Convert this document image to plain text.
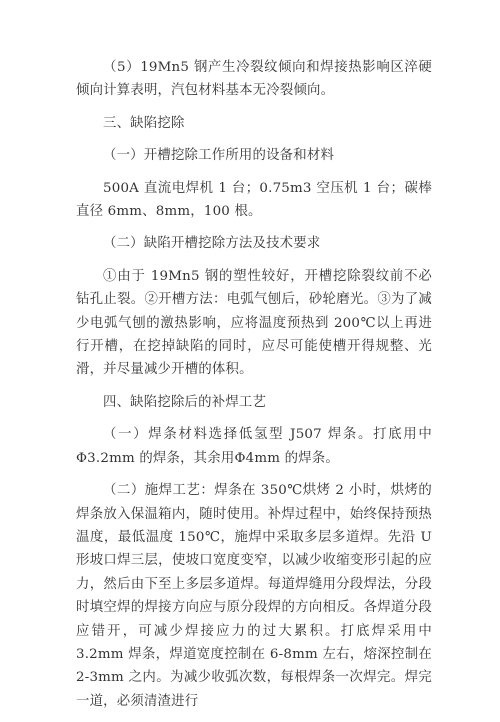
（5）19Mn5 钢产生冷裂纹倾向和焊接热影响区淬硬倾向计算表明，汽包材料基本无冷裂倾向。

三、缺陷挖除

（一）开槽挖除工作所用的设备和材料

500A 直流电焊机 1 台；0.75m3 空压机 1 台；碳棒直径 6mm、8mm，100 根。

（二）缺陷开槽挖除方法及技术要求

①由于 19Mn5 钢的塑性较好，开槽挖除裂纹前不必钻孔止裂。②开槽方法：电弧气刨后，砂轮磨光。③为了减少电弧气刨的激热影响，应将温度预热到 200℃以上再进行开槽，在挖掉缺陷的同时，应尽可能使槽开得规整、光滑，并尽量减少开槽的体积。

四、缺陷挖除后的补焊工艺

（一）焊条材料选择低氢型 J507 焊条。打底用中Φ3.2mm 的焊条，其余用Φ4mm 的焊条。

（二）施焊工艺：焊条在 350℃烘烤 2 小时，烘烤的焊条放入保温箱内，随时使用。补焊过程中，始终保持预热温度，最低温度 150℃，施焊中采取多层多道焊。先沿 U 形坡口焊三层，使坡口宽度变窄，以减少收缩变形引起的应力，然后由下至上多层多道焊。每道焊缝用分段焊法，分段时填空焊的焊接方向应与原分段焊的方向相反。各焊道分段应错开，可减少焊接应力的过大累积。打底焊采用中 3.2mm 焊条，焊道宽度控制在 6-8mm 左右，熔深控制在 2-3mm 之内。为减少收弧次数，每根焊条一次焊完。焊完一道，必须清渣进行
